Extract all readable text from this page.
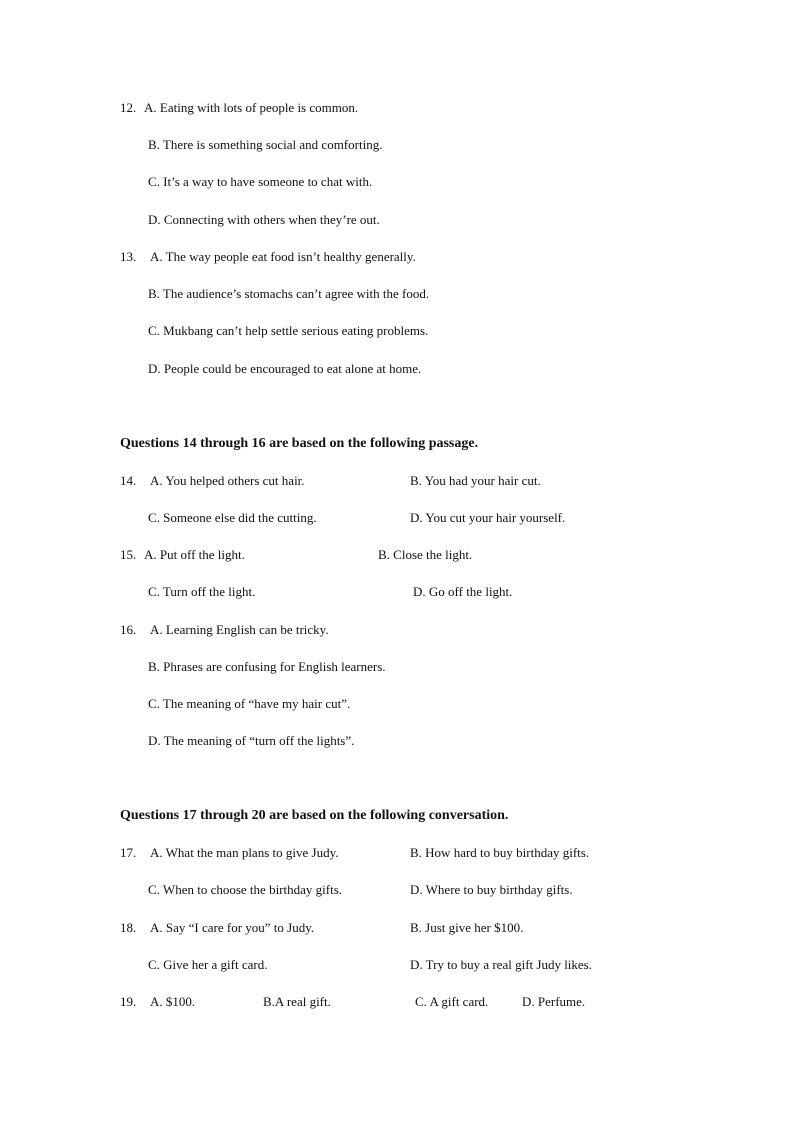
12. A. Eating with lots of people is common.
B. There is something social and comforting.
C. It’s a way to have someone to chat with.
D. Connecting with others when they’re out.
13. A. The way people eat food isn’t healthy generally.
B. The audience’s stomachs can’t agree with the food.
C. Mukbang can’t help settle serious eating problems.
D. People could be encouraged to eat alone at home.
Questions 14 through 16 are based on the following passage.
14. A. You helped others cut hair.	B. You had your hair cut.
C. Someone else did the cutting.	D. You cut your hair yourself.
15. A. Put off the light.	B. Close the light.
C. Turn off the light.	D. Go off the light.
16. A. Learning English can be tricky.
B. Phrases are confusing for English learners.
C. The meaning of “have my hair cut”.
D. The meaning of “turn off the lights”.
Questions 17 through 20 are based on the following conversation.
17. A. What the man plans to give Judy.	B. How hard to buy birthday gifts.
C. When to choose the birthday gifts.	D. Where to buy birthday gifts.
18. A. Say “I care for you” to Judy.	B. Just give her $100.
C. Give her a gift card.	D. Try to buy a real gift Judy likes.
19. A. $100.	B.A real gift.	C. A gift card.	D. Perfume.
